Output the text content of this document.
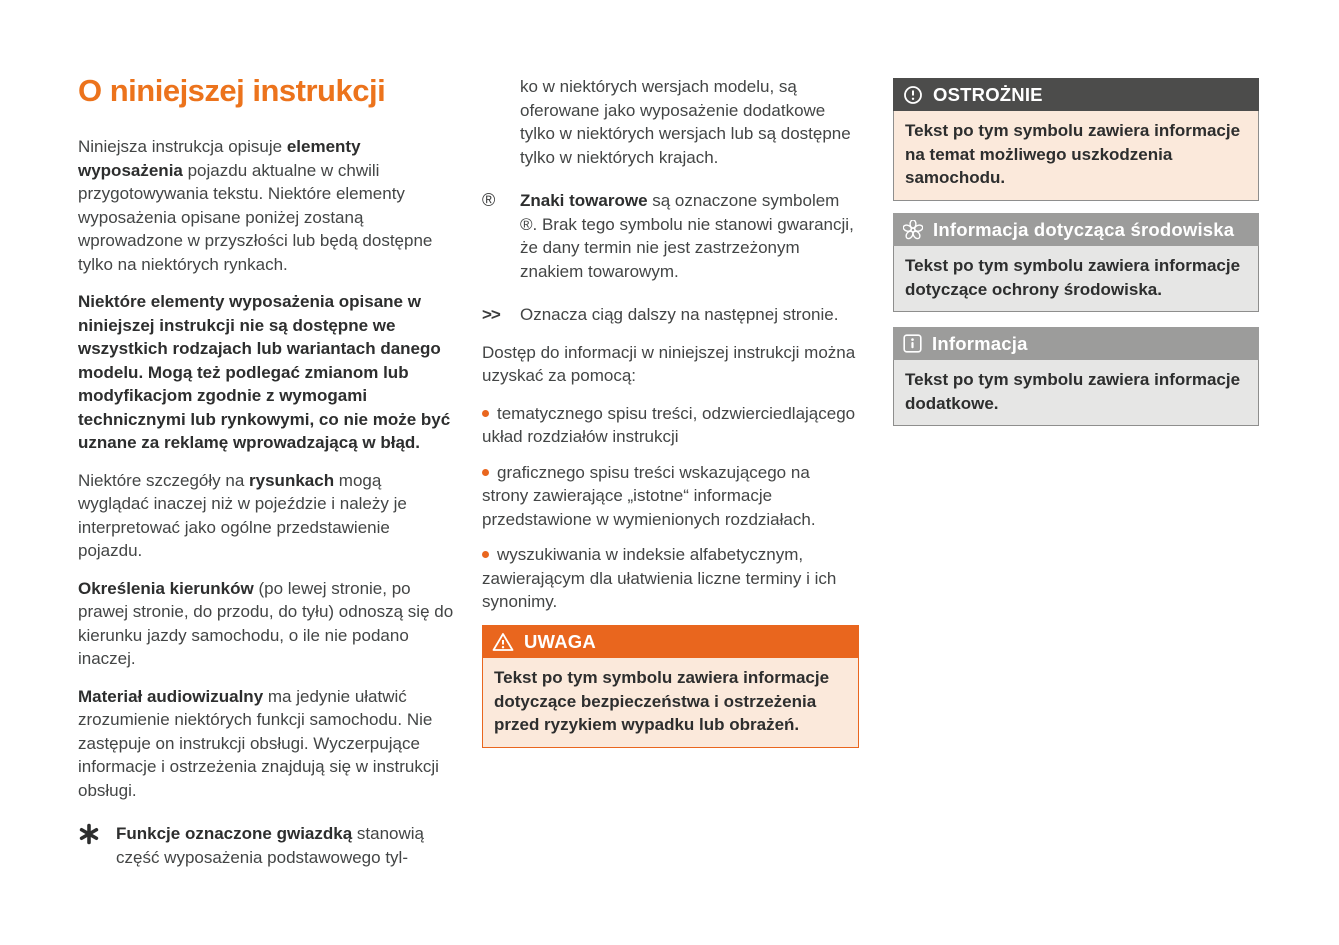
O niniejszej instrukcji

Niniejsza instrukcja opisuje elementy wyposażenia pojazdu aktualne w chwili przygotowywania tekstu. Niektóre elementy wyposażenia opisane poniżej zostaną wprowadzone w przyszłości lub będą dostępne tylko na niektórych rynkach.

Niektóre elementy wyposażenia opisane w niniejszej instrukcji nie są dostępne we wszystkich rodzajach lub wariantach danego modelu. Mogą też podlegać zmianom lub modyfikacjom zgodnie z wymogami technicznymi lub rynkowymi, co nie może być uznane za reklamę wprowadzającą w błąd.

Niektóre szczegóły na rysunkach mogą wyglądać inaczej niż w pojeździe i należy je interpretować jako ogólne przedstawienie pojazdu.

Określenia kierunków (po lewej stronie, po prawej stronie, do przodu, do tyłu) odnoszą się do kierunku jazdy samochodu, o ile nie podano inaczej.

Materiał audiowizualny ma jedynie ułatwić zrozumienie niektórych funkcji samochodu. Nie zastępuje on instrukcji obsługi. Wyczerpujące informacje i ostrzeżenia znajdują się w instrukcji obsługi.

Funkcje oznaczone gwiazdką stanowią część wyposażenia podstawowego tyl-

ko w niektórych wersjach modelu, są oferowane jako wyposażenie dodatkowe tylko w niektórych wersjach lub są dostępne tylko w niektórych krajach.

®	Znaki towarowe są oznaczone symbolem ®. Brak tego symbolu nie stanowi gwarancji, że dany termin nie jest zastrzeżonym znakiem towarowym.
>>	Oznacza ciąg dalszy na następnej stronie.

Dostęp do informacji w niniejszej instrukcji można uzyskać za pomocą:

tematycznego spisu treści, odzwierciedlającego układ rozdziałów instrukcji

graficznego spisu treści wskazującego na strony zawierające „istotne“ informacje przedstawione w wymienionych rozdziałach.

wyszukiwania w indeksie alfabetycznym, zawierającym dla ułatwienia liczne terminy i ich synonimy.

UWAGA
Tekst po tym symbolu zawiera informacje dotyczące bezpieczeństwa i ostrzeżenia przed ryzykiem wypadku lub obrażeń.
OSTROŻNIE
Tekst po tym symbolu zawiera informacje na temat możliwego uszkodzenia samochodu.
Informacja dotycząca środowiska
Tekst po tym symbolu zawiera informacje dotyczące ochrony środowiska.
Informacja
Tekst po tym symbolu zawiera informacje dodatkowe.
